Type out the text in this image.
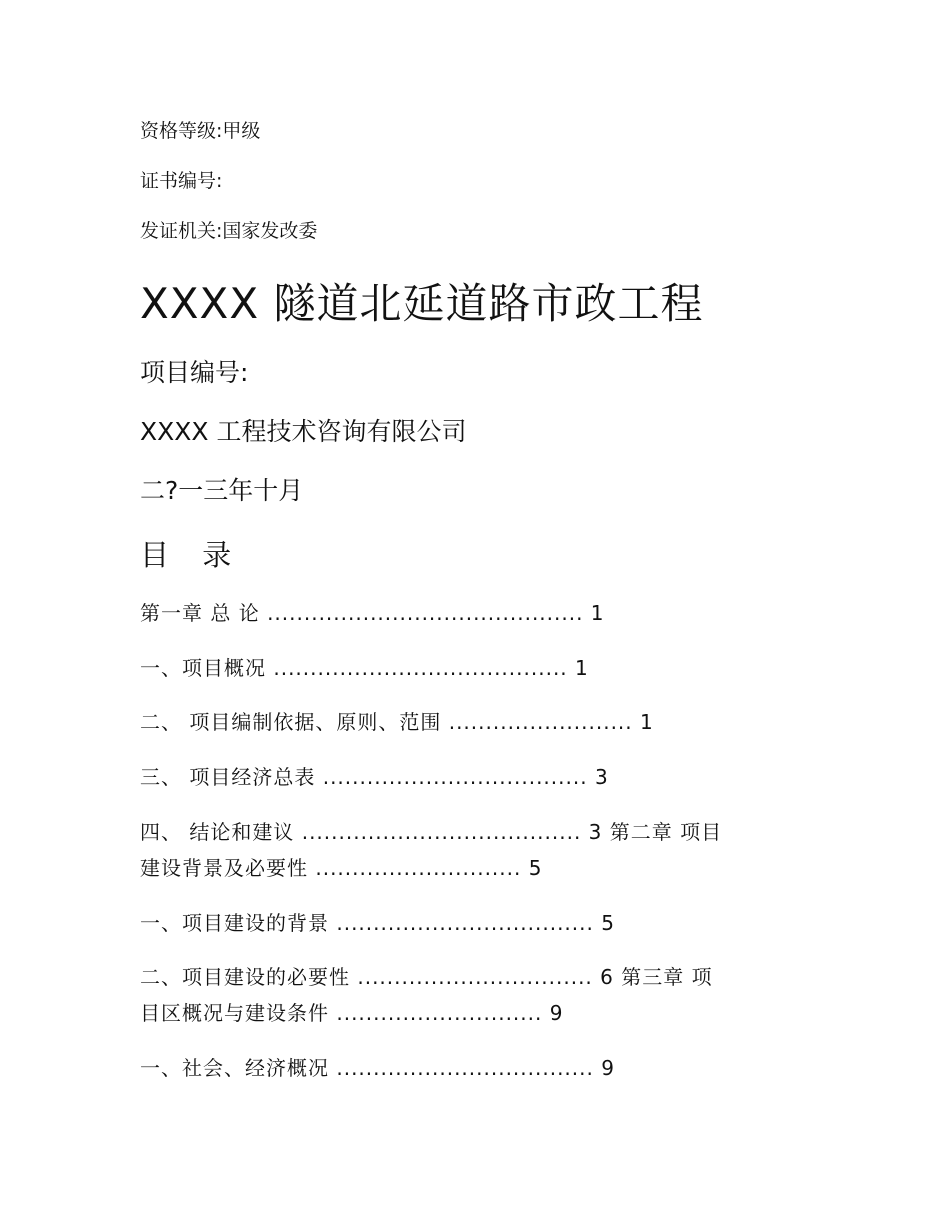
资格等级:甲级
证书编号:
发证机关:国家发改委
XXXX 隧道北延道路市政工程
项目编号:
XXXX 工程技术咨询有限公司
二?一三年十月
目 录
第一章 总 论 ........................................... 1
一、项目概况 ........................................ 1
二、 项目编制依据、原则、范围 ......................... 1
三、 项目经济总表 .................................... 3
四、 结论和建议 ...................................... 3 第二章 项目
建设背景及必要性 ............................ 5
一、项目建设的背景 ................................... 5
二、项目建设的必要性 ................................ 6 第三章 项
目区概况与建设条件 ............................ 9
一、社会、经济概况 ................................... 9
